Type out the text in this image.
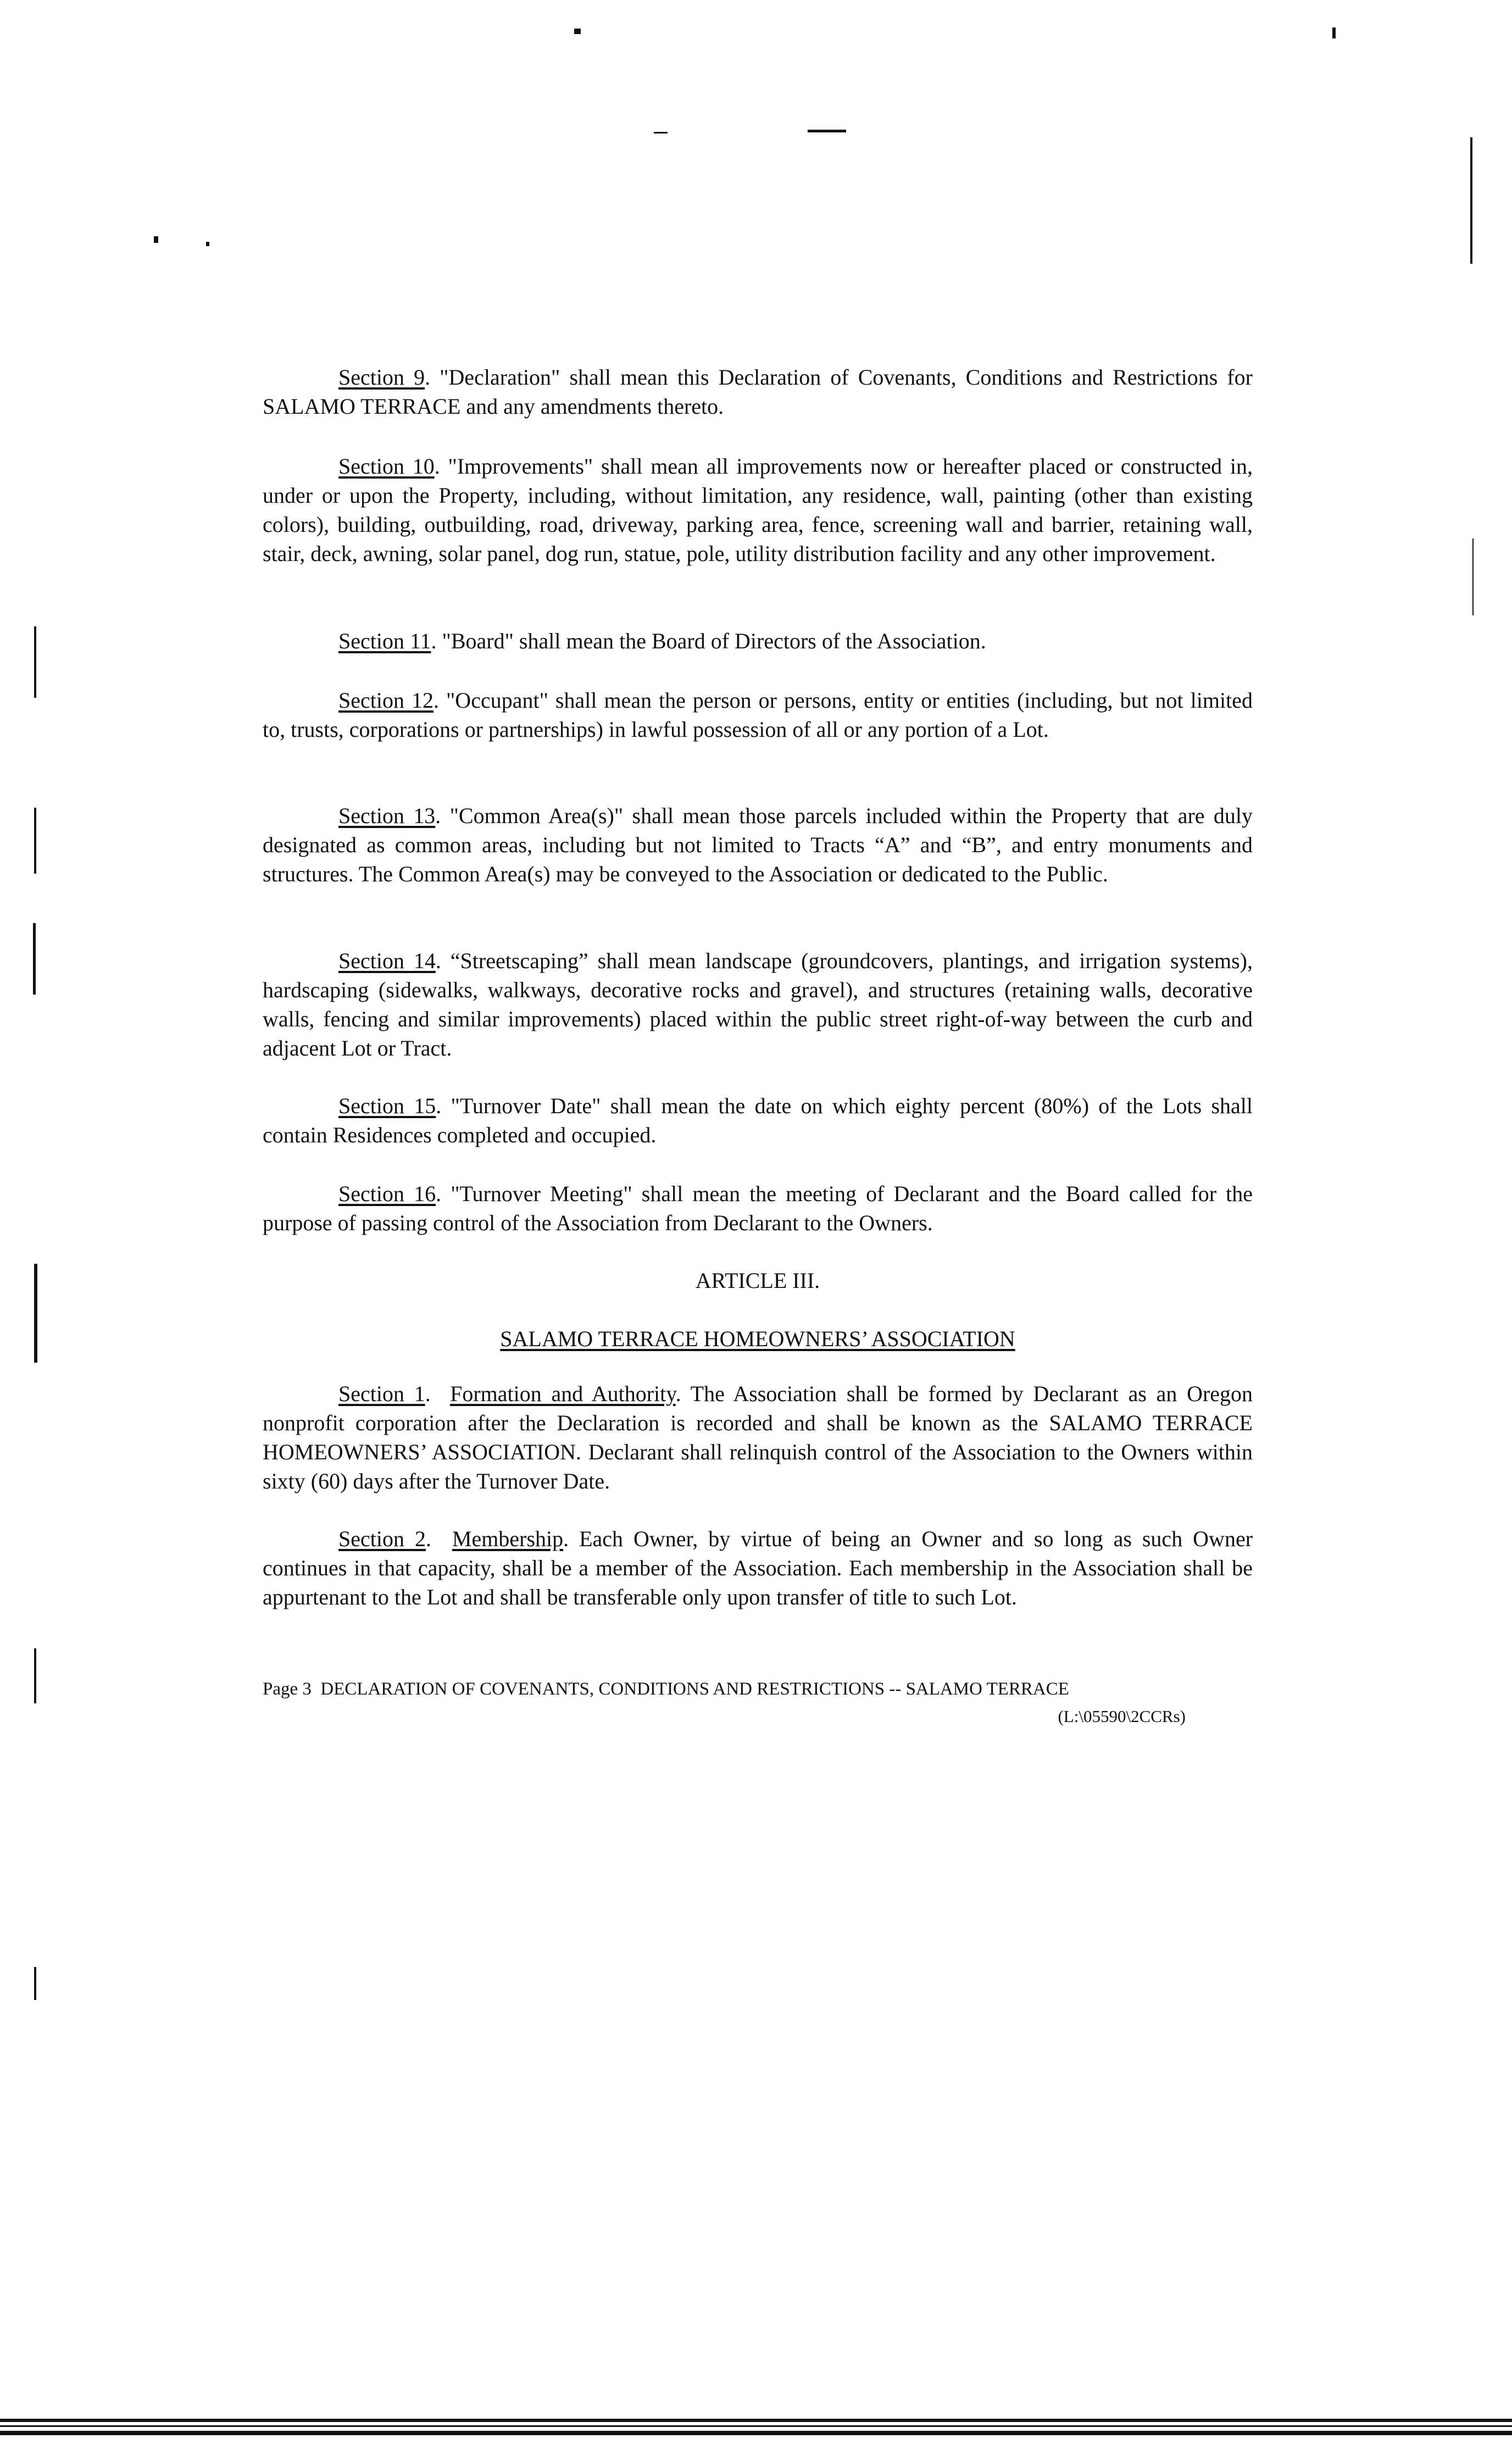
Section 9. "Declaration" shall mean this Declaration of Covenants, Conditions and Restrictions for SALAMO TERRACE and any amendments thereto.

Section 10. "Improvements" shall mean all improvements now or hereafter placed or constructed in, under or upon the Property, including, without limitation, any residence, wall, painting (other than existing colors), building, outbuilding, road, driveway, parking area, fence, screening wall and barrier, retaining wall, stair, deck, awning, solar panel, dog run, statue, pole, utility distribution facility and any other improvement.

Section 11. "Board" shall mean the Board of Directors of the Association.

Section 12. "Occupant" shall mean the person or persons, entity or entities (including, but not limited to, trusts, corporations or partnerships) in lawful possession of all or any portion of a Lot.

Section 13. "Common Area(s)" shall mean those parcels included within the Property that are duly designated as common areas, including but not limited to Tracts “A” and “B”, and entry monuments and structures. The Common Area(s) may be conveyed to the Association or dedicated to the Public.

Section 14. “Streetscaping” shall mean landscape (groundcovers, plantings, and irrigation systems), hardscaping (sidewalks, walkways, decorative rocks and gravel), and structures (retaining walls, decorative walls, fencing and similar improvements) placed within the public street right-of-way between the curb and adjacent Lot or Tract.

Section 15. "Turnover Date" shall mean the date on which eighty percent (80%) of the Lots shall contain Residences completed and occupied.

Section 16. "Turnover Meeting" shall mean the meeting of Declarant and the Board called for the purpose of passing control of the Association from Declarant to the Owners.

ARTICLE III.

SALAMO TERRACE HOMEOWNERS’ ASSOCIATION

Section 1.  Formation and Authority. The Association shall be formed by Declarant as an Oregon nonprofit corporation after the Declaration is recorded and shall be known as the SALAMO TERRACE HOMEOWNERS’ ASSOCIATION. Declarant shall relinquish control of the Association to the Owners within sixty (60) days after the Turnover Date.

Section 2.  Membership. Each Owner, by virtue of being an Owner and so long as such Owner continues in that capacity, shall be a member of the Association. Each membership in the Association shall be appurtenant to the Lot and shall be transferable only upon transfer of title to such Lot.

Page 3 DECLARATION OF COVENANTS, CONDITIONS AND RESTRICTIONS -- SALAMO TERRACE

(L:\05590\2CCRs)
